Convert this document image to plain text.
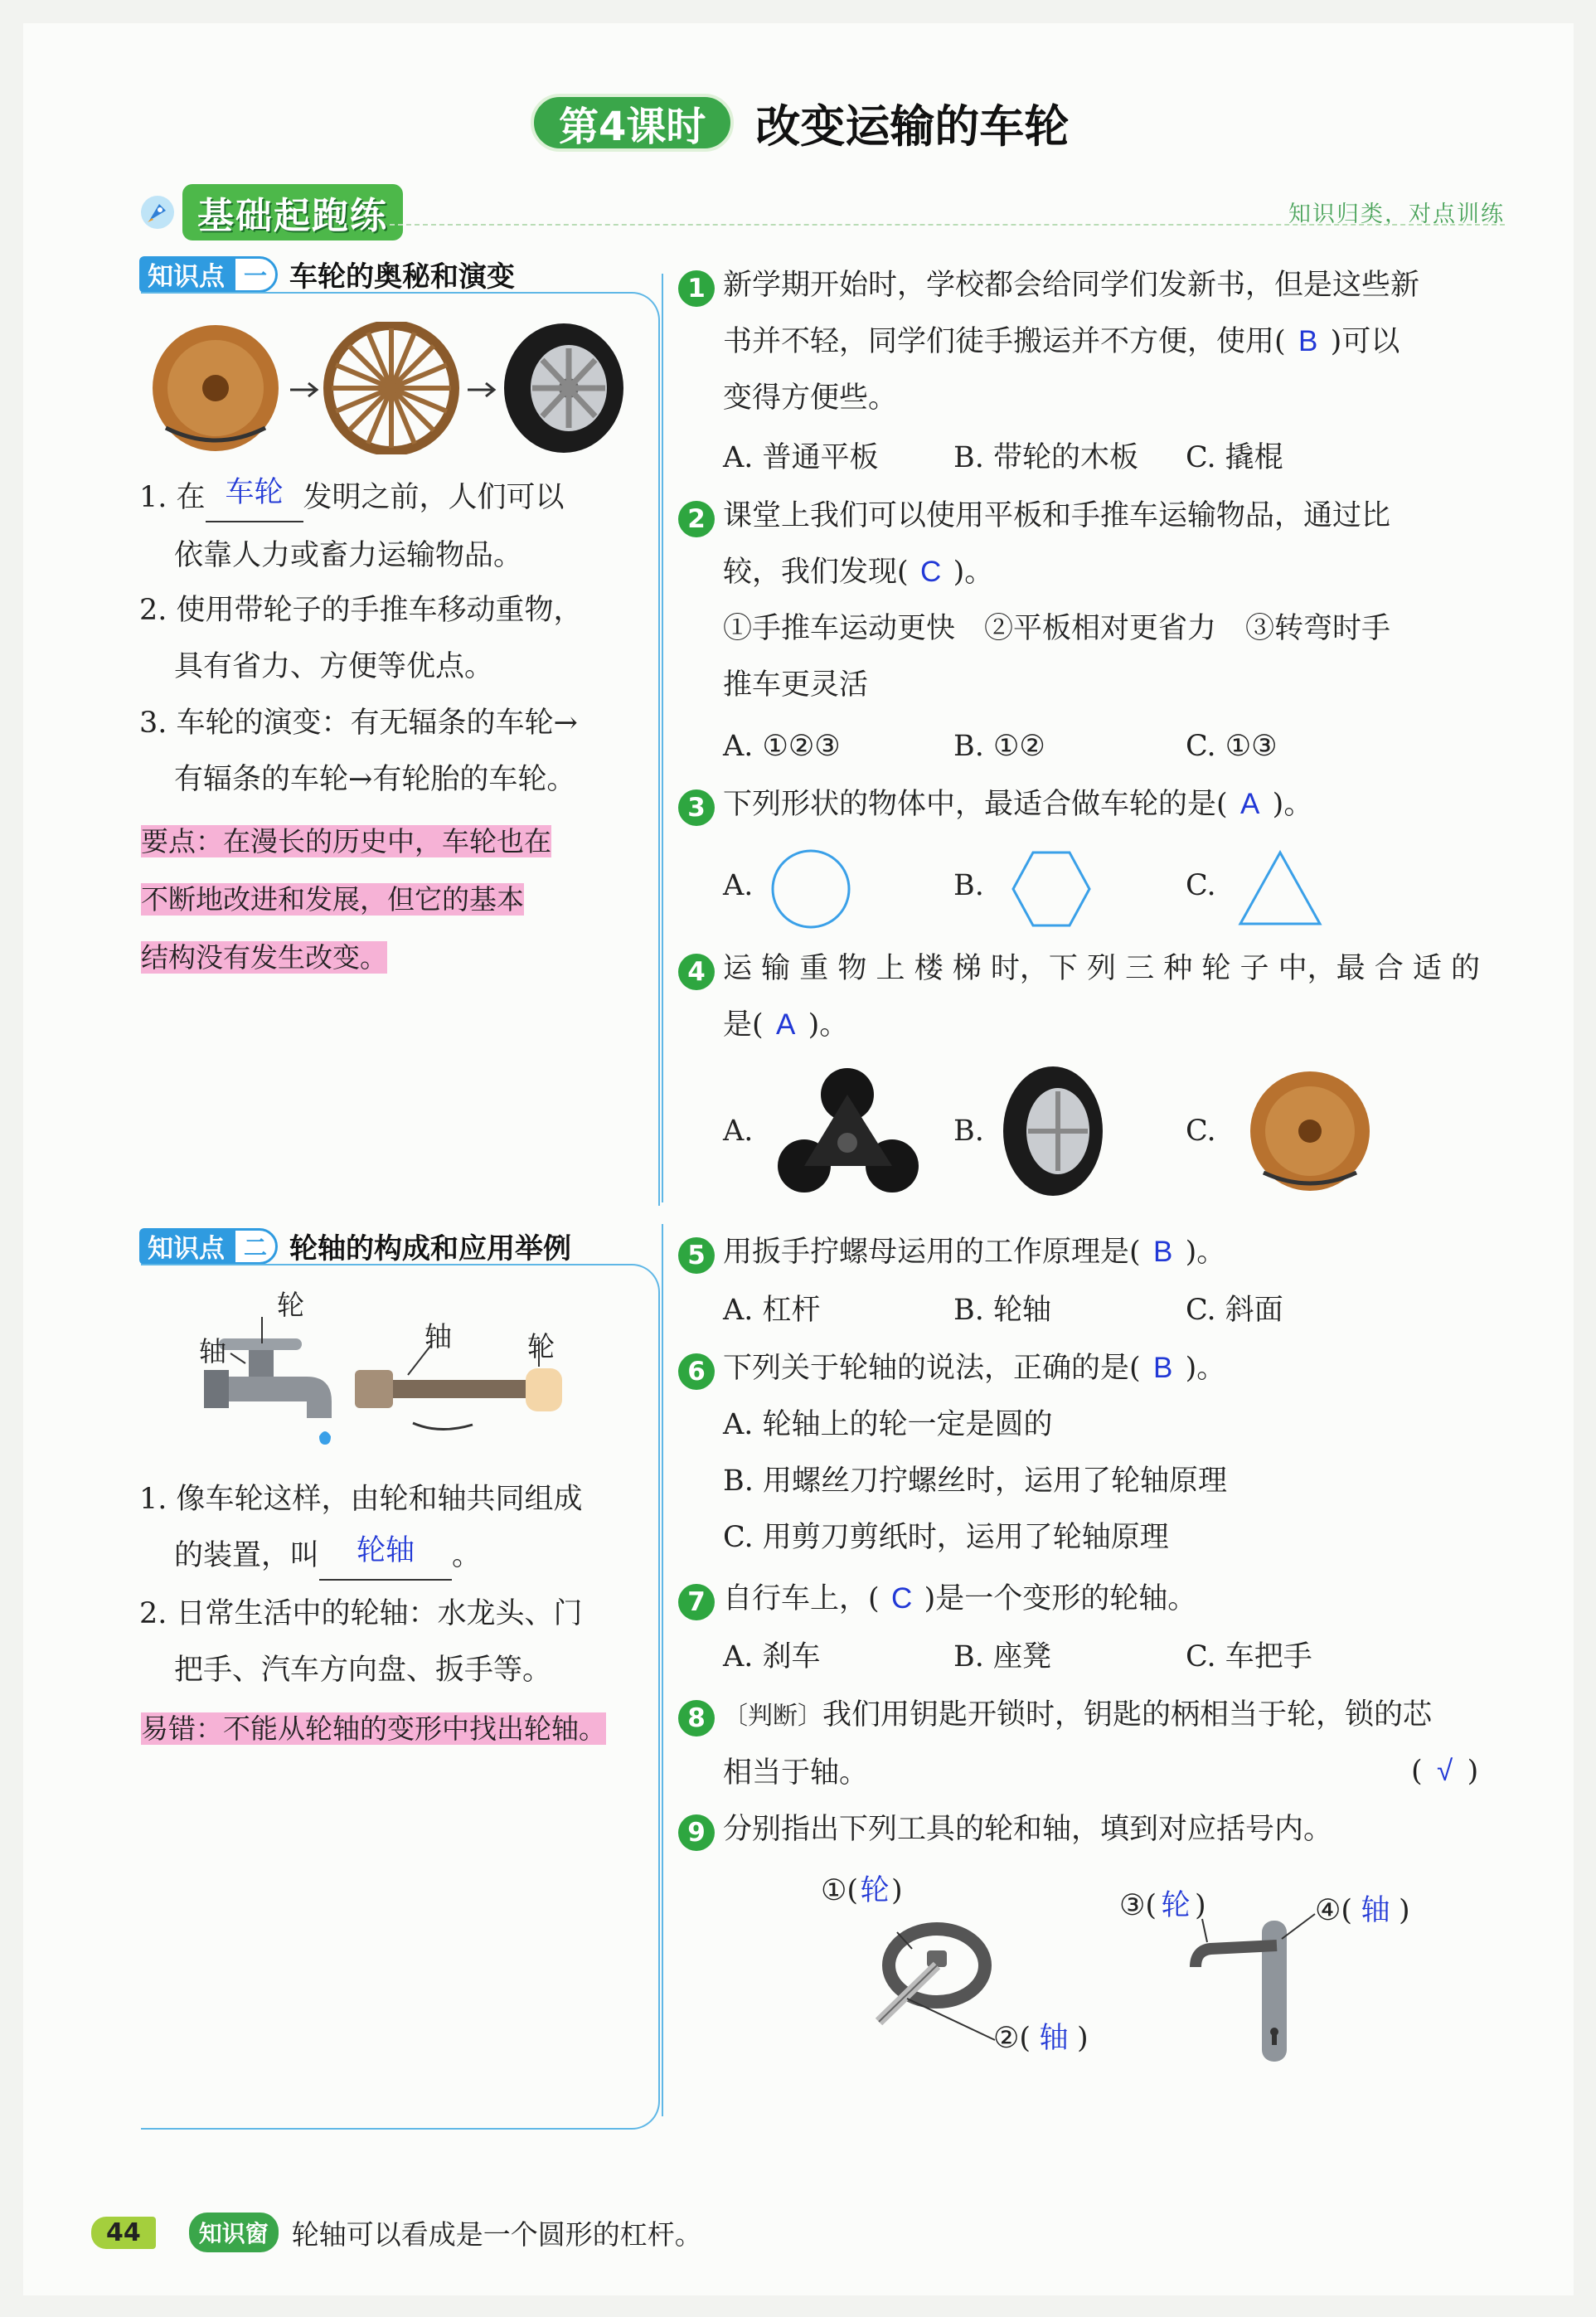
第4课时	改变运输的车轮
基础起跑练	知识归类，对点训练
知识点 一 车轮的奥秘和演变
1. 在 车轮 发明之前，人们可以
依靠人力或畜力运输物品。
2. 使用带轮子的手推车移动重物，
具有省力、方便等优点。
3. 车轮的演变：有无辐条的车轮→
有辐条的车轮→有轮胎的车轮。
要点：在漫长的历史中，车轮也在
不断地改进和发展，但它的基本
结构没有发生改变。
知识点 二 轮轴的构成和应用举例
轮
轴	轴	轮
1. 像车轮这样，由轮和轴共同组成
的装置，叫 轮轴 。
2. 日常生活中的轮轴：水龙头、门
把手、汽车方向盘、扳手等。
易错：不能从轮轴的变形中找出轮轴。
1 新学期开始时，学校都会给同学们发新书，但是这些新
书并不轻，同学们徒手搬运并不方便，使用( B )可以
变得方便些。
A. 普通平板	B. 带轮的木板	C. 撬棍
2 课堂上我们可以使用平板和手推车运输物品，通过比
较，我们发现( C )。
①手推车运动更快　②平板相对更省力　③转弯时手
推车更灵活
A. ①②③	B. ①②	C. ①③
3 下列形状的物体中，最适合做车轮的是( A )。
A.	B.	C.
4 运 输 重 物 上 楼 梯 时，下 列 三 种 轮 子 中，最 合 适 的
是( A )。
A.	B.	C.
5 用扳手拧螺母运用的工作原理是( B )。
A. 杠杆	B. 轮轴	C. 斜面
6 下列关于轮轴的说法，正确的是( B )。
A. 轮轴上的轮一定是圆的
B. 用螺丝刀拧螺丝时，运用了轮轴原理
C. 用剪刀剪纸时，运用了轮轴原理
7 自行车上，( C )是一个变形的轮轴。
A. 刹车	B. 座凳	C. 车把手
8 〔判断〕我们用钥匙开锁时，钥匙的柄相当于轮，锁的芯
相当于轴。	( √ )
9 分别指出下列工具的轮和轴，填到对应括号内。
①(轮)
②( 轴 )
③( 轮 )	④( 轴 )
44	知识窗 轮轴可以看成是一个圆形的杠杆。
